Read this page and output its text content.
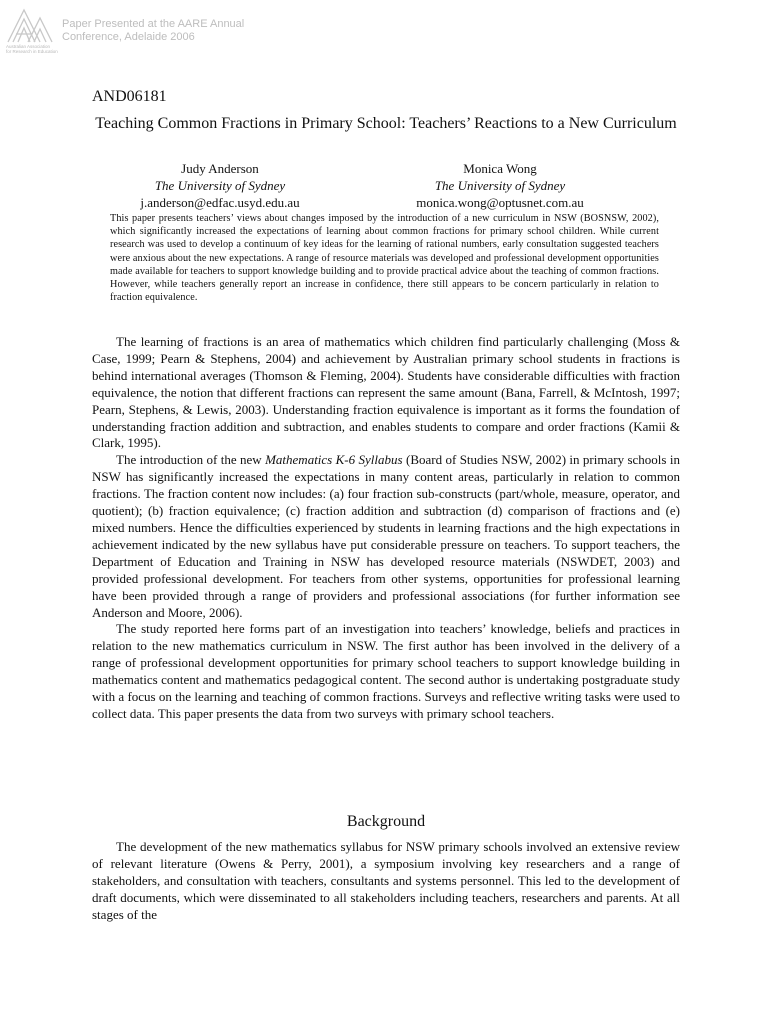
Australian Association
for Research in Education
Paper Presented at the AARE Annual
Conference, Adelaide 2006
AND06181
Teaching Common Fractions in Primary School: Teachers’ Reactions to a New Curriculum
Judy Anderson
The University of Sydney
j.anderson@edfac.usyd.edu.au
Monica Wong
The University of Sydney
monica.wong@optusnet.com.au
This paper presents teachers’ views about changes imposed by the introduction of a new curriculum in NSW (BOSNSW, 2002), which significantly increased the expectations of learning about common fractions for primary school children. While current research was used to develop a continuum of key ideas for the learning of rational numbers, early consultation suggested teachers were anxious about the new expectations. A range of resource materials was developed and professional development opportunities made available for teachers to support knowledge building and to provide practical advice about the teaching of common fractions. However, while teachers generally report an increase in confidence, there still appears to be concern particularly in relation to fraction equivalence.

The learning of fractions is an area of mathematics which children find particularly challenging (Moss & Case, 1999; Pearn & Stephens, 2004) and achievement by Australian primary school students in fractions is behind international averages (Thomson & Fleming, 2004). Students have considerable difficulties with fraction equivalence, the notion that different fractions can represent the same amount (Bana, Farrell, & McIntosh, 1997; Pearn, Stephens, & Lewis, 2003). Understanding fraction equivalence is important as it forms the foundation of understanding fraction addition and subtraction, and enables students to compare and order fractions (Kamii & Clark, 1995).

The introduction of the new Mathematics K-6 Syllabus (Board of Studies NSW, 2002) in primary schools in NSW has significantly increased the expectations in many content areas, particularly in relation to common fractions. The fraction content now includes: (a) four fraction sub-constructs (part/whole, measure, operator, and quotient); (b) fraction equivalence; (c) fraction addition and subtraction (d) comparison of fractions and (e) mixed numbers. Hence the difficulties experienced by students in learning fractions and the high expectations in achievement indicated by the new syllabus have put considerable pressure on teachers. To support teachers, the Department of Education and Training in NSW has developed resource materials (NSWDET, 2003) and provided professional development. For teachers from other systems, opportunities for professional learning have been provided through a range of providers and professional associations (for further information see Anderson and Moore, 2006).

The study reported here forms part of an investigation into teachers’ knowledge, beliefs and practices in relation to the new mathematics curriculum in NSW. The first author has been involved in the delivery of a range of professional development opportunities for primary school teachers to support knowledge building in mathematics content and mathematics pedagogical content. The second author is undertaking postgraduate study with a focus on the learning and teaching of common fractions. Surveys and reflective writing tasks were used to collect data. This paper presents the data from two surveys with primary school teachers.

Background

The development of the new mathematics syllabus for NSW primary schools involved an extensive review of relevant literature (Owens & Perry, 2001), a symposium involving key researchers and a range of stakeholders, and consultation with teachers, consultants and systems personnel. This led to the development of draft documents, which were disseminated to all stakeholders including teachers, researchers and parents. At all stages of the
